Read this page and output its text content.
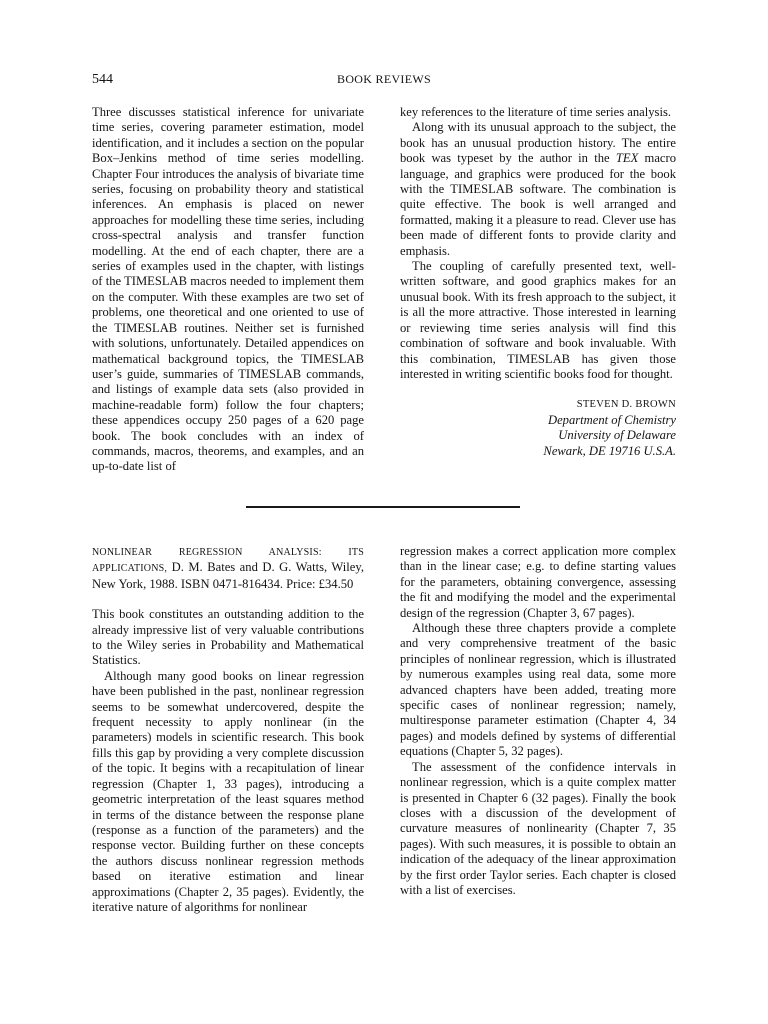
544	BOOK REVIEWS

Three discusses statistical inference for univariate time series, covering parameter estimation, model identification, and it includes a section on the popular Box–Jenkins method of time series modelling. Chapter Four introduces the analysis of bivariate time series, focusing on probability theory and statistical inferences. An emphasis is placed on newer approaches for modelling these time series, including cross-spectral analysis and transfer function modelling. At the end of each chapter, there are a series of examples used in the chapter, with listings of the TIMESLAB macros needed to implement them on the computer. With these examples are two set of problems, one theoretical and one oriented to use of the TIMESLAB routines. Neither set is furnished with solutions, unfortunately. Detailed appendices on mathematical background topics, the TIMESLAB user’s guide, summaries of TIMESLAB commands, and listings of example data sets (also provided in machine-readable form) follow the four chapters; these appendices occupy 250 pages of a 620 page book. The book concludes with an index of commands, macros, theorems, and examples, and an up-to-date list of

key references to the literature of time series analysis.

Along with its unusual approach to the subject, the book has an unusual production history. The entire book was typeset by the author in the TEX macro language, and graphics were produced for the book with the TIMESLAB software. The combination is quite effective. The book is well arranged and formatted, making it a pleasure to read. Clever use has been made of different fonts to provide clarity and emphasis.

The coupling of carefully presented text, well-written software, and good graphics makes for an unusual book. With its fresh approach to the subject, it is all the more attractive. Those interested in learning or reviewing time series analysis will find this combination of software and book invaluable. With this combination, TIMESLAB has given those interested in writing scientific books food for thought.

STEVEN D. BROWN
Department of Chemistry
University of Delaware
Newark, DE 19716 U.S.A.

NONLINEAR REGRESSION ANALYSIS: ITS APPLICATIONS, D. M. Bates and D. G. Watts, Wiley, New York, 1988. ISBN 0471-816434. Price: £34.50

This book constitutes an outstanding addition to the already impressive list of very valuable contributions to the Wiley series in Probability and Mathematical Statistics.

Although many good books on linear regression have been published in the past, nonlinear regression seems to be somewhat undercovered, despite the frequent necessity to apply nonlinear (in the parameters) models in scientific research. This book fills this gap by providing a very complete discussion of the topic. It begins with a recapitulation of linear regression (Chapter 1, 33 pages), introducing a geometric interpretation of the least squares method in terms of the distance between the response plane (response as a function of the parameters) and the response vector. Building further on these concepts the authors discuss nonlinear regression methods based on iterative estimation and linear approximations (Chapter 2, 35 pages). Evidently, the iterative nature of algorithms for nonlinear

regression makes a correct application more complex than in the linear case; e.g. to define starting values for the parameters, obtaining convergence, assessing the fit and modifying the model and the experimental design of the regression (Chapter 3, 67 pages).

Although these three chapters provide a complete and very comprehensive treatment of the basic principles of nonlinear regression, which is illustrated by numerous examples using real data, some more advanced chapters have been added, treating more specific cases of nonlinear regression; namely, multiresponse parameter estimation (Chapter 4, 34 pages) and models defined by systems of differential equations (Chapter 5, 32 pages).

The assessment of the confidence intervals in nonlinear regression, which is a quite complex matter is presented in Chapter 6 (32 pages). Finally the book closes with a discussion of the development of curvature measures of nonlinearity (Chapter 7, 35 pages). With such measures, it is possible to obtain an indication of the adequacy of the linear approximation by the first order Taylor series. Each chapter is closed with a list of exercises.
